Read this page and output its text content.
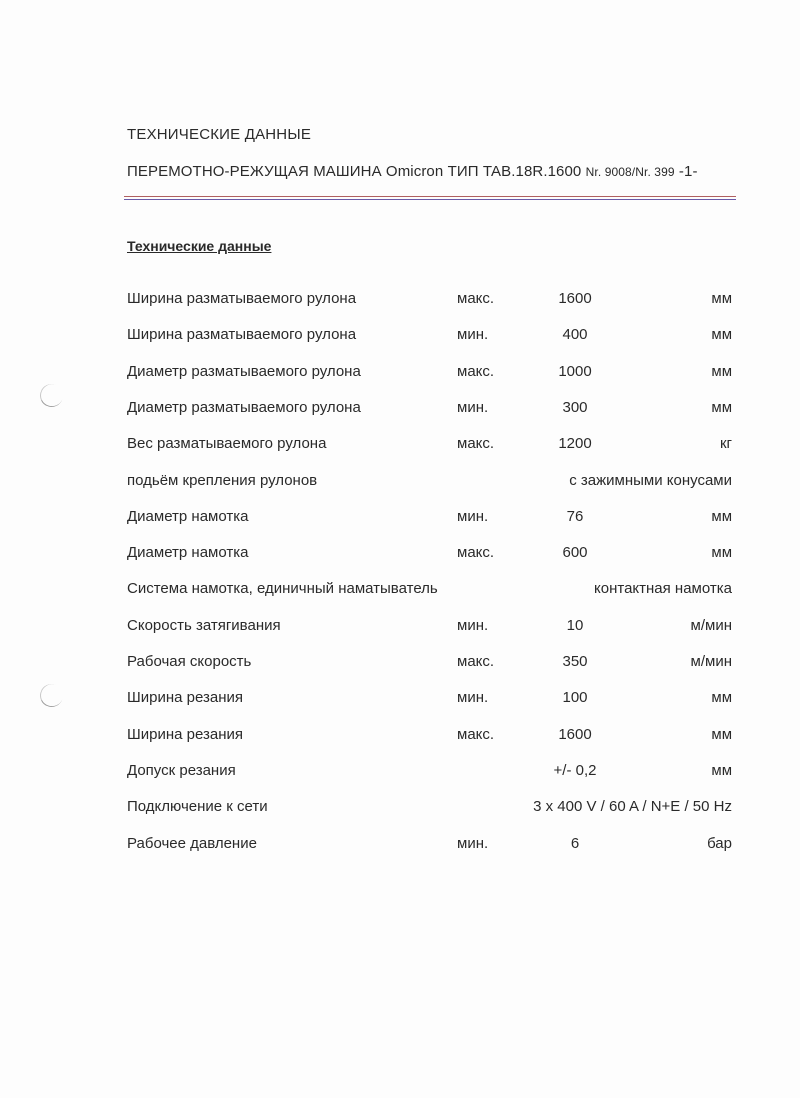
ТЕХНИЧЕСКИЕ ДАННЫЕ
ПЕРЕМОТНО-РЕЖУЩАЯ МАШИНА Omicron ТИП TAB.18R.1600 Nr. 9008/Nr. 399 -1-
Технические данные
Ширина разматываемого рулона	макс.	1600	мм
Ширина разматываемого рулона	мин.	400	мм
Диаметр разматываемого рулона	макс.	1000	мм
Диаметр разматываемого рулона	мин.	300	мм
Вес разматываемого рулона	макс.	1200	кг
подьём крепления рулонов	с зажимными конусами
Диаметр намотка	мин.	76	мм
Диаметр намотка	макс.	600	мм
Система намотка, единичный наматыватель	контактная намотка
Скорость затягивания	мин.	10	м/мин
Рабочая скорость	макс.	350	м/мин
Ширина резания	мин.	100	мм
Ширина резания	макс.	1600	мм
Допуск резания	+/- 0,2	мм
Подключение к сети	3 x 400 V / 60 A / N+E / 50 Hz
Рабочее давление	мин.	6	бар
